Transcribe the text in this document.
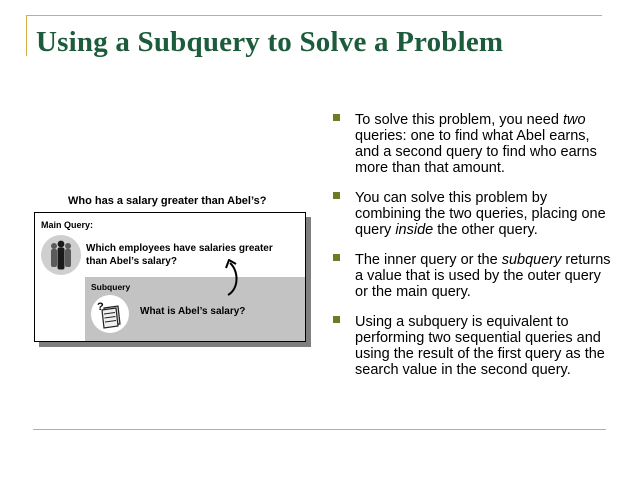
Using a Subquery to Solve a Problem
Who has a salary greater than Abel’s?
Main Query:
Which employees have salaries greater than Abel’s salary?
Subquery
?	What is Abel’s salary?
To solve this problem, you need two queries: one to find what Abel earns, and a second query to find who earns more than that amount.
You can solve this problem by combining the two queries, placing one query inside the other query.
The inner query or the subquery returns a value that is used by the outer query or the main query.
Using a subquery is equivalent to performing two sequential queries and using the result of the first query as the search value in the second query.
